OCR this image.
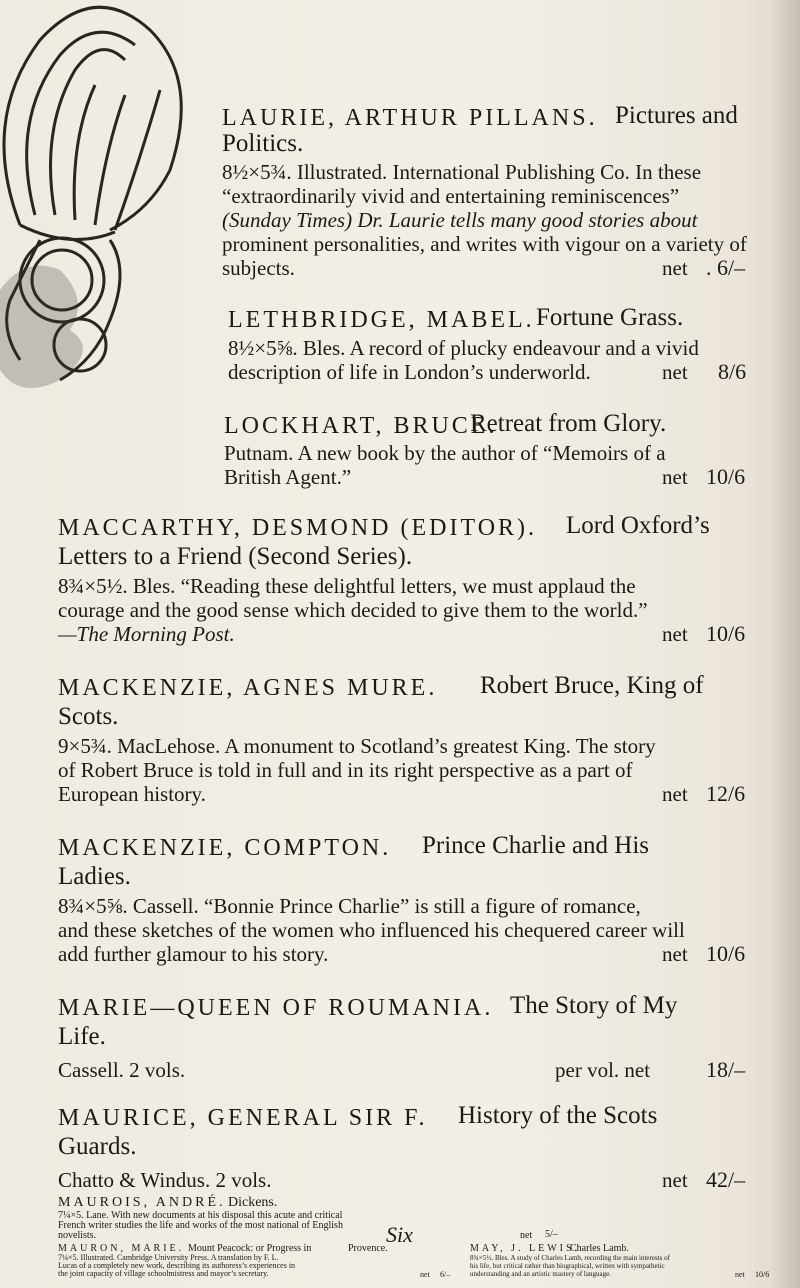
LAURIE, ARTHUR PILLANS. Pictures and
Politics.
8½×5¾. Illustrated. International Publishing Co. In these
“extraordinarily vivid and entertaining reminiscences”
(Sunday Times) Dr. Laurie tells many good stories about
prominent personalities, and writes with vigour on a variety of
subjects.	net . 6/–
LETHBRIDGE, MABEL. Fortune Grass.
8½×5⅝. Bles. A record of plucky endeavour and a vivid
description of life in London’s underworld.	net 8/6
LOCKHART, BRUCE.
Retreat from Glory.
Putnam. A new book by the author of “Memoirs of a
British Agent.”	net 10/6
MACCARTHY, DESMOND (EDITOR). Lord Oxford’s
Letters to a Friend (Second Series).
8¾×5½. Bles. “Reading these delightful letters, we must applaud the
courage and the good sense which decided to give them to the world.”
—The Morning Post.	net 10/6
MACKENZIE, AGNES MURE. Robert Bruce, King of
Scots.
9×5¾. MacLehose. A monument to Scotland’s greatest King. The story
of Robert Bruce is told in full and in its right perspective as a part of
European history.	net 12/6
MACKENZIE, COMPTON. Prince Charlie and His
Ladies.
8¾×5⅝. Cassell. “Bonnie Prince Charlie” is still a figure of romance,
and these sketches of the women who influenced his chequered career will
add further glamour to his story.	net 10/6
MARIE—QUEEN OF ROUMANIA. The Story of My
Life.
Cassell. 2 vols.	per vol. net	18/–
MAURICE, GENERAL SIR F. History of the Scots
Guards.
Chatto & Windus. 2 vols.	net 42/–
MAUROIS, ANDRÉ. Dickens.
7¼×5. Lane. With new documents at his disposal this acute and critical
French writer studies the life and works of the most national of English
novelists.	net 5/–
MAURON, MARIE. Mount Peacock: or Progress in	Provence.
7¼×5. Illustrated. Cambridge University Press. A translation by F. L.
Lucas of a completely new work, describing its authoress’s experiences in
the joint capacity of village schoolmistress and mayor’s secretary.	net 6/–
MAY, J. LEWIS.
Charles Lamb.
8¾×5½. Bles. A study of Charles Lamb, recording the main interests of
his life, but critical rather than biographical, written with sympathetic
understanding and an artistic mastery of language.	net 10/6
Six
